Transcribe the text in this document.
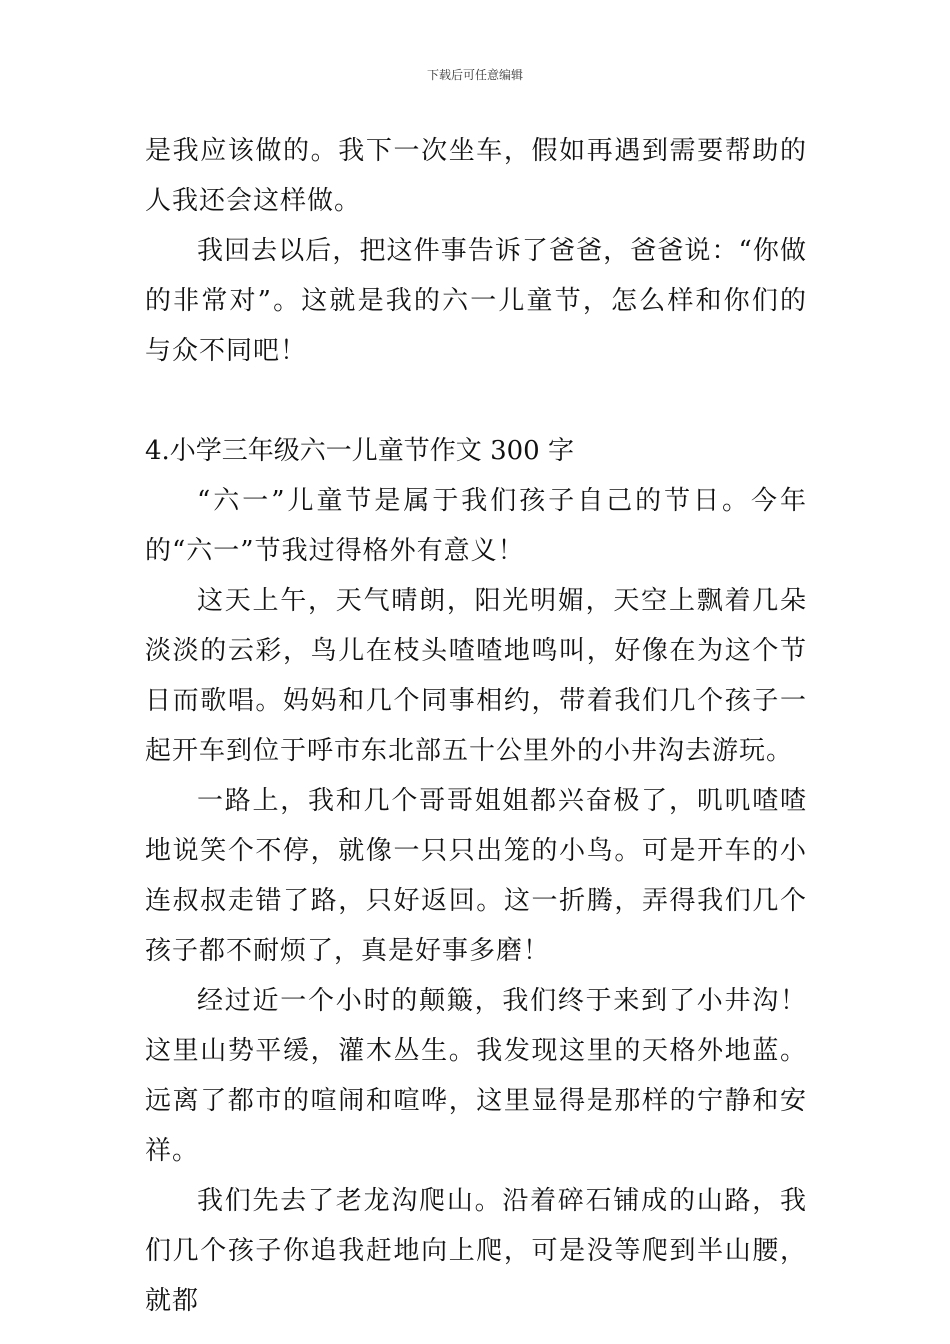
下载后可任意编辑

是我应该做的。我下一次坐车，假如再遇到需要帮助的人我还会这样做。

我回去以后，把这件事告诉了爸爸，爸爸说：“你做的非常对”。这就是我的六一儿童节，怎么样和你们的与众不同吧！

4.小学三年级六一儿童节作文 300 字

“六一”儿童节是属于我们孩子自己的节日。今年的“六一”节我过得格外有意义！

这天上午，天气晴朗，阳光明媚，天空上飘着几朵淡淡的云彩，鸟儿在枝头喳喳地鸣叫，好像在为这个节日而歌唱。妈妈和几个同事相约，带着我们几个孩子一起开车到位于呼市东北部五十公里外的小井沟去游玩。

一路上，我和几个哥哥姐姐都兴奋极了，叽叽喳喳地说笑个不停，就像一只只出笼的小鸟。可是开车的小连叔叔走错了路，只好返回。这一折腾，弄得我们几个孩子都不耐烦了，真是好事多磨！

经过近一个小时的颠簸，我们终于来到了小井沟！这里山势平缓，灌木丛生。我发现这里的天格外地蓝。远离了都市的喧闹和喧哗，这里显得是那样的宁静和安祥。

我们先去了老龙沟爬山。沿着碎石铺成的山路，我们几个孩子你追我赶地向上爬，可是没等爬到半山腰，就都
